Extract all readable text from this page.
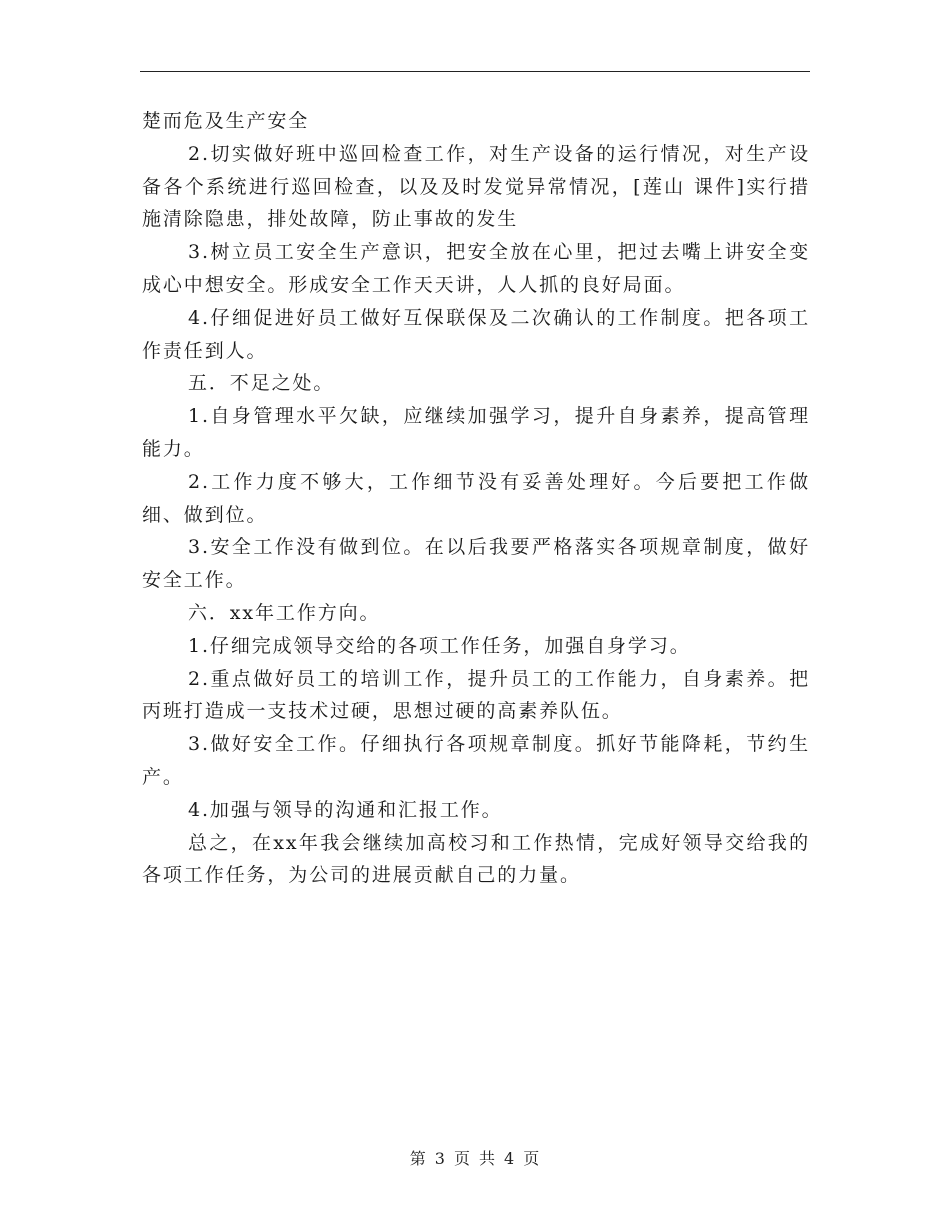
楚而危及生产安全

2.切实做好班中巡回检查工作，对生产设备的运行情况，对生产设备各个系统进行巡回检查，以及及时发觉异常情况，[莲山 课件]实行措施清除隐患，排处故障，防止事故的发生

3.树立员工安全生产意识，把安全放在心里，把过去嘴上讲安全变成心中想安全。形成安全工作天天讲，人人抓的良好局面。

4.仔细促进好员工做好互保联保及二次确认的工作制度。把各项工作责任到人。

五．不足之处。

1.自身管理水平欠缺，应继续加强学习，提升自身素养，提高管理能力。

2.工作力度不够大，工作细节没有妥善处理好。今后要把工作做细、做到位。

3.安全工作没有做到位。在以后我要严格落实各项规章制度，做好安全工作。

六．xx年工作方向。

1.仔细完成领导交给的各项工作任务，加强自身学习。

2.重点做好员工的培训工作，提升员工的工作能力，自身素养。把丙班打造成一支技术过硬，思想过硬的高素养队伍。

3.做好安全工作。仔细执行各项规章制度。抓好节能降耗，节约生产。

4.加强与领导的沟通和汇报工作。

总之，在xx年我会继续加高校习和工作热情，完成好领导交给我的各项工作任务，为公司的进展贡献自己的力量。

第 3 页 共 4 页
